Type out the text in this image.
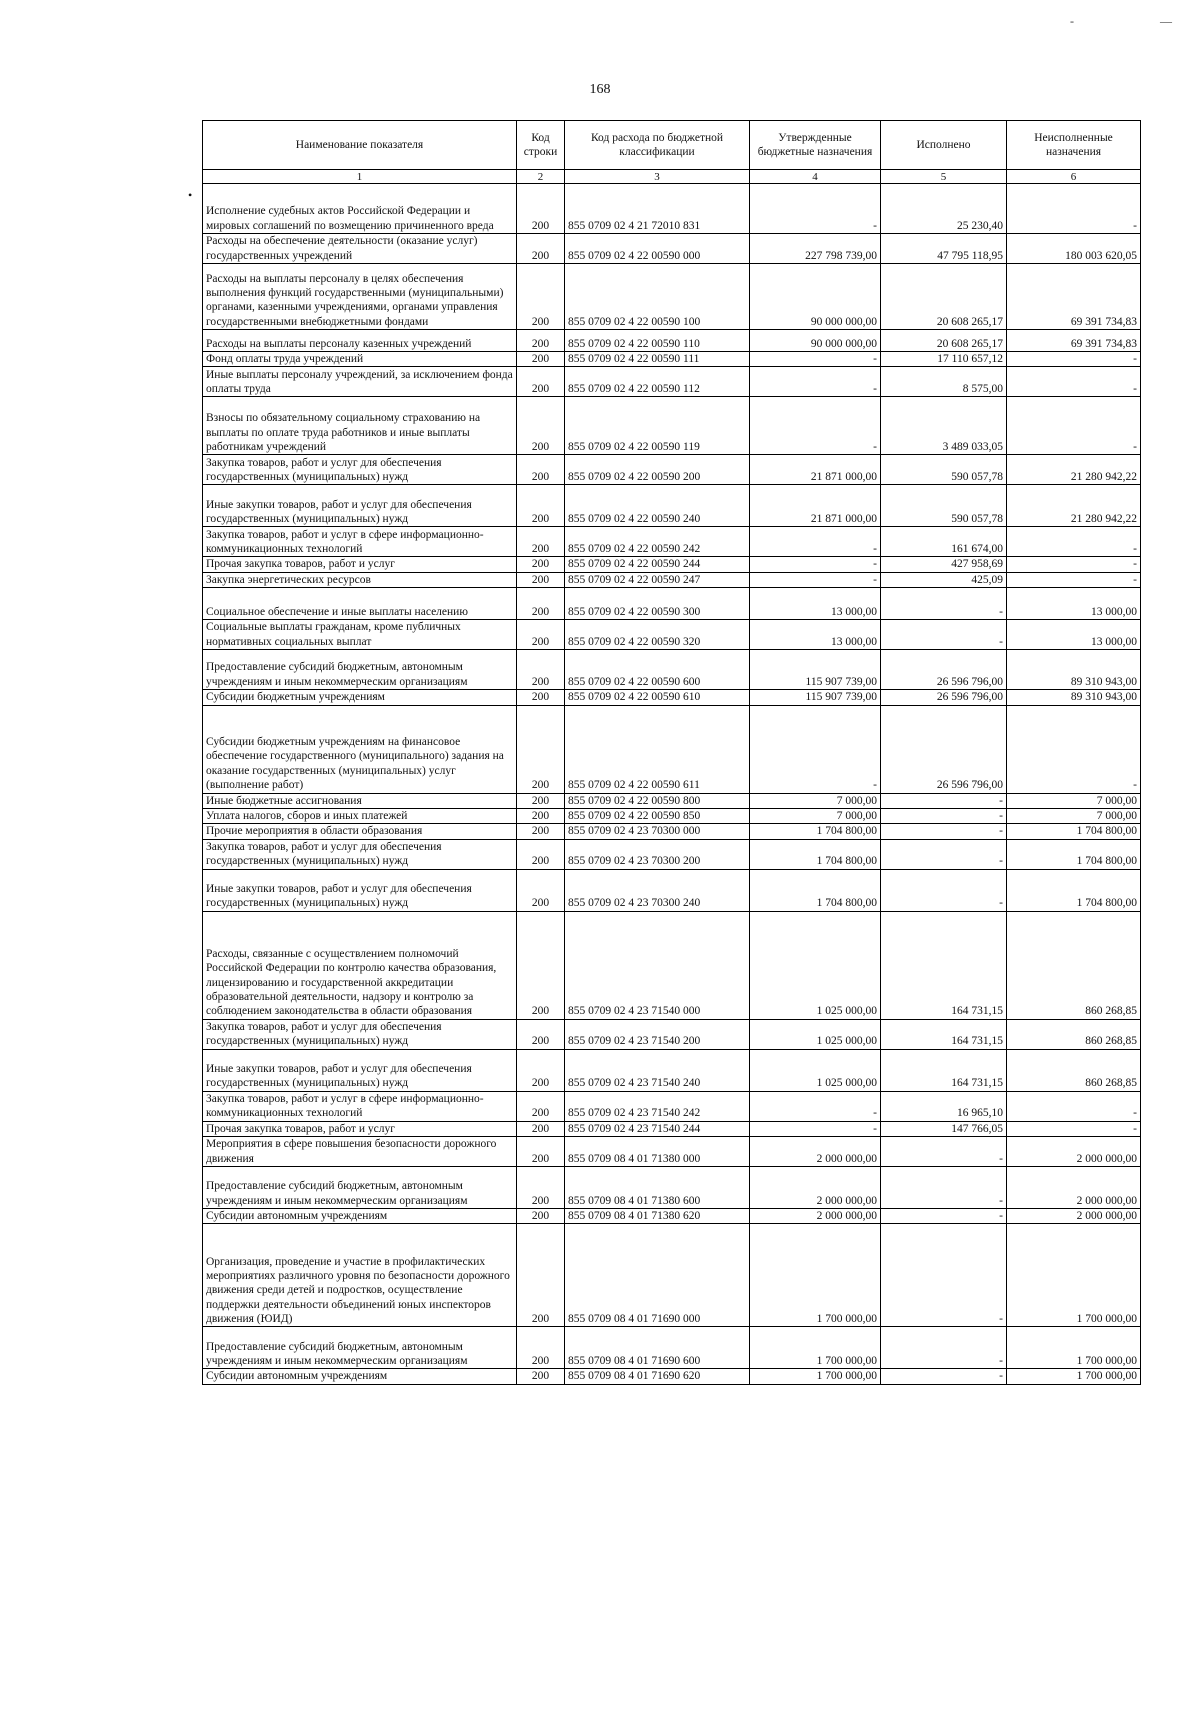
-	—
168
•
Наименование показателя	Код строки	Код расхода по бюджетной классификации	Утвержденные бюджетные назначения	Исполнено	Неисполненные назначения
1	2	3	4	5	6
Исполнение судебных актов Российской Федерации и мировых соглашений по возмещению причиненного вреда	200	855 0709 02 4 21 72010 831	-	25 230,40	-
Расходы на обеспечение деятельности (оказание услуг) государственных учреждений	200	855 0709 02 4 22 00590 000	227 798 739,00	47 795 118,95	180 003 620,05
Расходы на выплаты персоналу в целях обеспечения выполнения функций государственными (муниципальными) органами, казенными учреждениями, органами управления государственными внебюджетными фондами	200	855 0709 02 4 22 00590 100	90 000 000,00	20 608 265,17	69 391 734,83
Расходы на выплаты персоналу казенных учреждений	200	855 0709 02 4 22 00590 110	90 000 000,00	20 608 265,17	69 391 734,83
Фонд оплаты труда учреждений	200	855 0709 02 4 22 00590 111	-	17 110 657,12	-
Иные выплаты персоналу учреждений, за исключением фонда оплаты труда	200	855 0709 02 4 22 00590 112	-	8 575,00	-
Взносы по обязательному социальному страхованию на выплаты по оплате труда работников и иные выплаты работникам учреждений	200	855 0709 02 4 22 00590 119	-	3 489 033,05	-
Закупка товаров, работ и услуг для обеспечения государственных (муниципальных) нужд	200	855 0709 02 4 22 00590 200	21 871 000,00	590 057,78	21 280 942,22
Иные закупки товаров, работ и услуг для обеспечения государственных (муниципальных) нужд	200	855 0709 02 4 22 00590 240	21 871 000,00	590 057,78	21 280 942,22
Закупка товаров, работ и услуг в сфере информационно-коммуникационных технологий	200	855 0709 02 4 22 00590 242	-	161 674,00	-
Прочая закупка товаров, работ и услуг	200	855 0709 02 4 22 00590 244	-	427 958,69	-
Закупка энергетических ресурсов	200	855 0709 02 4 22 00590 247	-	425,09	-
Социальное обеспечение и иные выплаты населению	200	855 0709 02 4 22 00590 300	13 000,00	-	13 000,00
Социальные выплаты гражданам, кроме публичных нормативных социальных выплат	200	855 0709 02 4 22 00590 320	13 000,00	-	13 000,00
Предоставление субсидий бюджетным, автономным учреждениям и иным некоммерческим организациям	200	855 0709 02 4 22 00590 600	115 907 739,00	26 596 796,00	89 310 943,00
Субсидии бюджетным учреждениям	200	855 0709 02 4 22 00590 610	115 907 739,00	26 596 796,00	89 310 943,00
Субсидии бюджетным учреждениям на финансовое обеспечение государственного (муниципального) задания на оказание государственных (муниципальных) услуг (выполнение работ)	200	855 0709 02 4 22 00590 611	-	26 596 796,00	-
Иные бюджетные ассигнования	200	855 0709 02 4 22 00590 800	7 000,00	-	7 000,00
Уплата налогов, сборов и иных платежей	200	855 0709 02 4 22 00590 850	7 000,00	-	7 000,00
Прочие мероприятия в области образования	200	855 0709 02 4 23 70300 000	1 704 800,00	-	1 704 800,00
Закупка товаров, работ и услуг для обеспечения государственных (муниципальных) нужд	200	855 0709 02 4 23 70300 200	1 704 800,00	-	1 704 800,00
Иные закупки товаров, работ и услуг для обеспечения государственных (муниципальных) нужд	200	855 0709 02 4 23 70300 240	1 704 800,00	-	1 704 800,00
Расходы, связанные с осуществлением полномочий Российской Федерации по контролю качества образования, лицензированию и государственной аккредитации образовательной деятельности, надзору и контролю за соблюдением законодательства в области образования	200	855 0709 02 4 23 71540 000	1 025 000,00	164 731,15	860 268,85
Закупка товаров, работ и услуг для обеспечения государственных (муниципальных) нужд	200	855 0709 02 4 23 71540 200	1 025 000,00	164 731,15	860 268,85
Иные закупки товаров, работ и услуг для обеспечения государственных (муниципальных) нужд	200	855 0709 02 4 23 71540 240	1 025 000,00	164 731,15	860 268,85
Закупка товаров, работ и услуг в сфере информационно-коммуникационных технологий	200	855 0709 02 4 23 71540 242	-	16 965,10	-
Прочая закупка товаров, работ и услуг	200	855 0709 02 4 23 71540 244	-	147 766,05	-
Мероприятия в сфере повышения безопасности дорожного движения	200	855 0709 08 4 01 71380 000	2 000 000,00	-	2 000 000,00
Предоставление субсидий бюджетным, автономным учреждениям и иным некоммерческим организациям	200	855 0709 08 4 01 71380 600	2 000 000,00	-	2 000 000,00
Субсидии автономным учреждениям	200	855 0709 08 4 01 71380 620	2 000 000,00	-	2 000 000,00
Организация, проведение и участие в профилактических мероприятиях различного уровня по безопасности дорожного движения среди детей и подростков, осуществление поддержки деятельности объединений юных инспекторов движения (ЮИД)	200	855 0709 08 4 01 71690 000	1 700 000,00	-	1 700 000,00
Предоставление субсидий бюджетным, автономным учреждениям и иным некоммерческим организациям	200	855 0709 08 4 01 71690 600	1 700 000,00	-	1 700 000,00
Субсидии автономным учреждениям	200	855 0709 08 4 01 71690 620	1 700 000,00	-	1 700 000,00
